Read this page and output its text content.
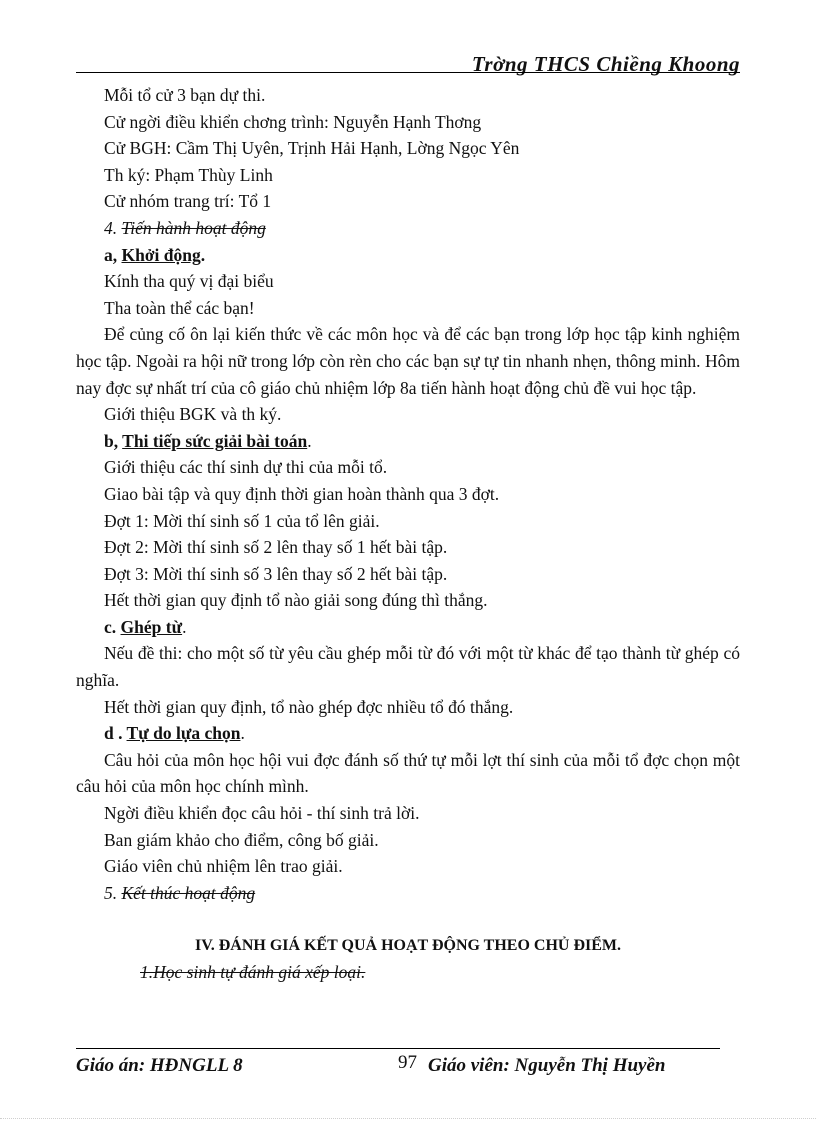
Trờng THCS Chiềng Khoong

Mỗi tổ cử 3 bạn dự thi.

Cử ngời điều khiển chơng trình: Nguyễn Hạnh Thơng

Cử BGH: Cầm Thị Uyên, Trịnh Hải Hạnh, Lờng Ngọc Yên

Th ký: Phạm Thùy Linh

Cử nhóm trang trí: Tổ 1

4. Tiến hành hoạt động

a, Khởi động.

Kính tha quý vị đại biểu

Tha toàn thể các bạn!

Để củng cố ôn lại kiến thức về các môn học và để các bạn trong lớp học tập kinh nghiệm học tập. Ngoài ra hội nữ trong lớp còn rèn cho các bạn sự tự tin nhanh nhẹn, thông minh. Hôm nay đợc sự nhất trí của cô giáo chủ nhiệm lớp 8a tiến hành hoạt động chủ đề vui học tập.

Giới thiệu BGK và th ký.

b, Thi tiếp sức giải bài toán.

Giới thiệu các thí sinh dự thi của mỗi tổ.

Giao bài tập và quy định thời gian hoàn thành qua 3 đợt.

Đợt 1: Mời thí sinh số 1 của tổ lên giải.

Đợt 2: Mời thí sinh số 2 lên thay số 1 hết bài tập.

Đợt 3: Mời thí sinh số 3 lên thay số 2 hết bài tập.

Hết thời gian quy định tổ nào giải song đúng thì thắng.

c. Ghép từ.

Nếu đề thi: cho một số từ yêu cầu ghép mỗi từ đó với một từ khác để tạo thành từ ghép có nghĩa.

Hết thời gian quy định, tổ nào ghép đợc nhiều tổ đó thắng.

d . Tự do lựa chọn.

Câu hỏi của môn học hội vui đợc đánh số thứ tự mỗi lợt thí sinh của mỗi tổ đợc chọn một câu hỏi của môn học chính mình.

Ngời điều khiển đọc câu hỏi - thí sinh trả lời.

Ban giám khảo cho điểm, công bố giải.

Giáo viên chủ nhiệm lên trao giải.

5. Kết thúc hoạt động

IV. ĐÁNH GIÁ KẾT QUẢ HOẠT ĐỘNG THEO CHỦ ĐIỂM.
1.Học sinh tự đánh giá xếp loại.
Giáo án: HĐNGLL 8	97 Giáo viên: Nguyễn Thị Huyền
